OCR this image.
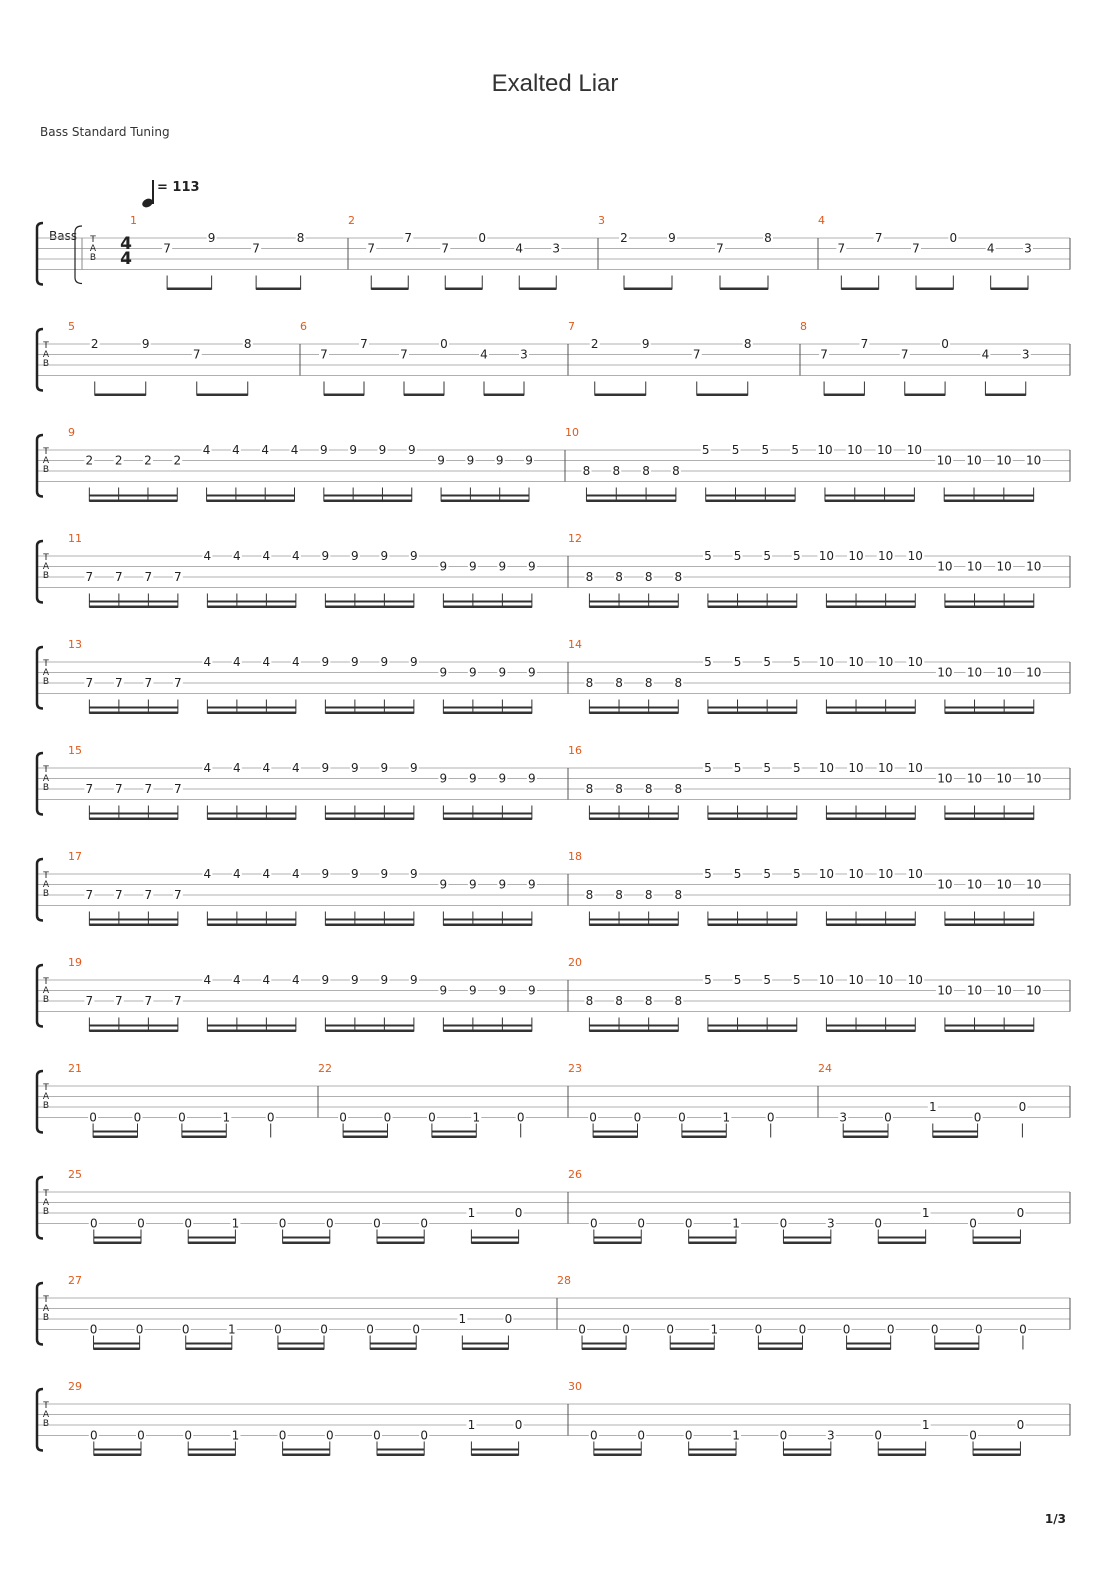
Exalted Liar
Bass Standard Tuning
= 113
Bass
1/3
T
A
B
4
4
1
7
9
7
8
2
7
7
7
0
4 3
3
2	9
7
8
4
7
7
7
0
4 3
T
A
B
5
2	9
7
8
6
7
7
7
0
4	3
7
2	9
7
8
8
7
7
7
0
4	3
T
A
B
9
2 2 2 2
4 4 4 4 9 9 9 9
9 9 9 9
10
8 8 8 8
5 5 5 5 10 10 10 10
10 10 10 10
T
A
B
11
7 7 7 7
4 4 4 4 9 9 9 9
9 9 9 9
12
8 8 8 8
5 5 5 5 10 10 10 10
10 10 10 10
T
A
B
13
7 7 7 7
4 4 4 4 9 9 9 9
9 9 9 9
14
8 8 8 8
5 5 5 5 10 10 10 10
10 10 10 10
T
A
B
15
7 7 7 7
4 4 4 4 9 9 9 9
9 9 9 9
16
8 8 8 8
5 5 5 5 10 10 10 10
10 10 10 10
T
A
B
17
7 7 7 7
4 4 4 4 9 9 9 9
9 9 9 9
18
8 8 8 8
5 5 5 5 10 10 10 10
10 10 10 10
T
A
B
19
7 7 7 7
4 4 4 4 9 9 9 9
9 9 9 9
20
8 8 8 8
5 5 5 5 10 10 10 10
10 10 10 10
T
A
B
21
0	0	0	1	0
22
0	0	0	1	0
23
0	0	0	1	0
24
3	0
1
0
0
T
A
B
25
0	0	0	1	0	0	0	0
1	0
26
0	0	0	1	0	3	0
1
0
0
T
A
B
27
0	0	0	1	0	0	0	0
1	0
28
0	0	0	1	0	0	0	0	0	0	0
T
A
B
29
0	0	0	1	0	0	0	0
1	0
30
0	0	0	1	0	3	0
1
0
0
